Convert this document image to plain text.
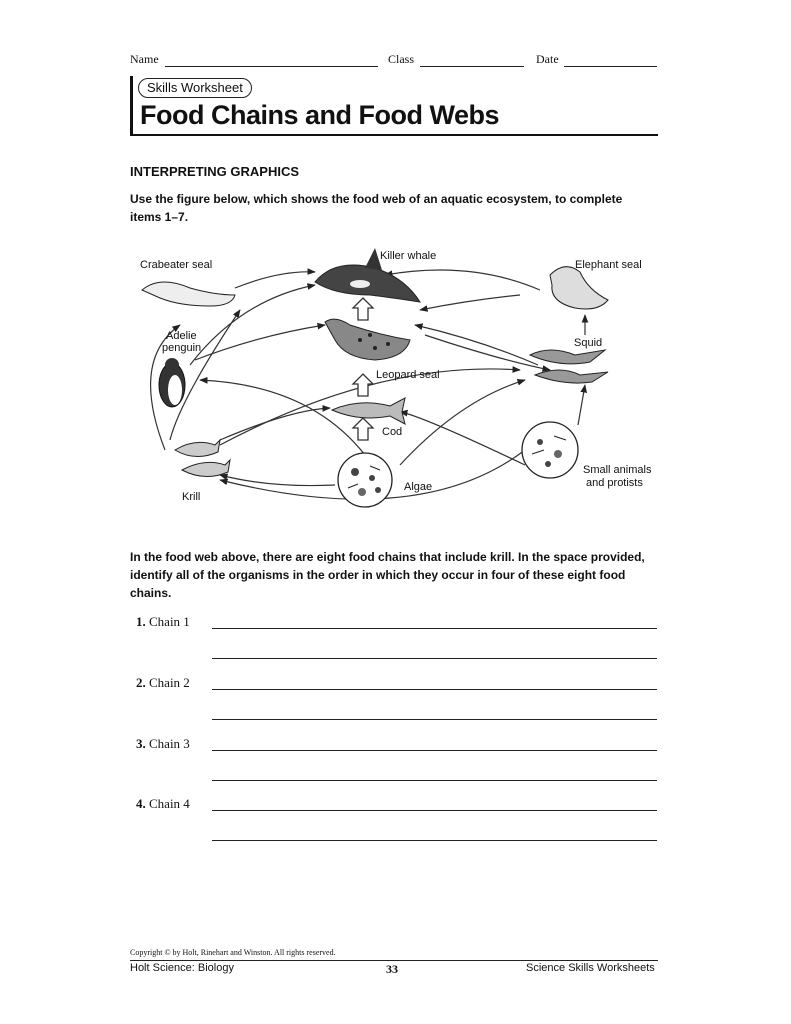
Name	Class	Date
Skills Worksheet
Food Chains and Food Webs
INTERPRETING GRAPHICS
Use the figure below, which shows the food web of an aquatic ecosystem, to complete items 1–7.
Crabeater seal
Killer whale
Elephant seal
Adelie
penguin	Squid
Leopard seal
Cod
Krill
Algae
Small animals
and protists
In the food web above, there are eight food chains that include krill. In the space provided, identify all of the organisms in the order in which they occur in four of these eight food chains.
1. Chain 1
2. Chain 2
3. Chain 3
4. Chain 4
Copyright © by Holt, Rinehart and Winston. All rights reserved.
Holt Science: Biology	33	Science Skills Worksheets
